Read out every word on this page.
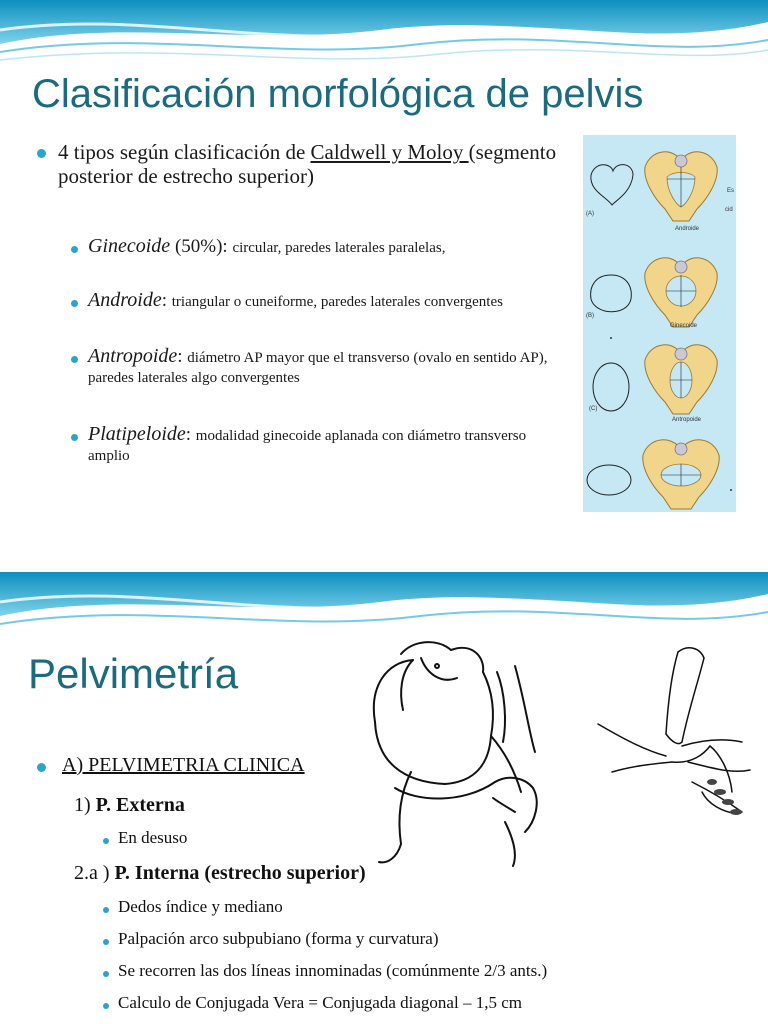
Clasificación morfológica de pelvis
4 tipos según clasificación de Caldwell y Moloy (segmento posterior de estrecho superior)
Ginecoide (50%): circular, paredes laterales paralelas,
Androide: triangular o cuneiforme, paredes laterales convergentes
Antropoide: diámetro AP mayor que el transverso (ovalo en sentido AP), paredes laterales algo convergentes
Platipeloide: modalidad ginecoide aplanada con diámetro transverso amplio
Androide
Ginecoide
Antropoide
(A)
(B)
(C)
Es
cid
Pelvimetría
A) PELVIMETRIA CLINICA
1) P. Externa
En desuso
2.a ) P. Interna (estrecho superior)
Dedos índice y mediano
Palpación arco subpubiano (forma y curvatura)
Se recorren las dos líneas innominadas (comúnmente 2/3 ants.)
Calculo de Conjugada Vera = Conjugada diagonal – 1,5 cm
